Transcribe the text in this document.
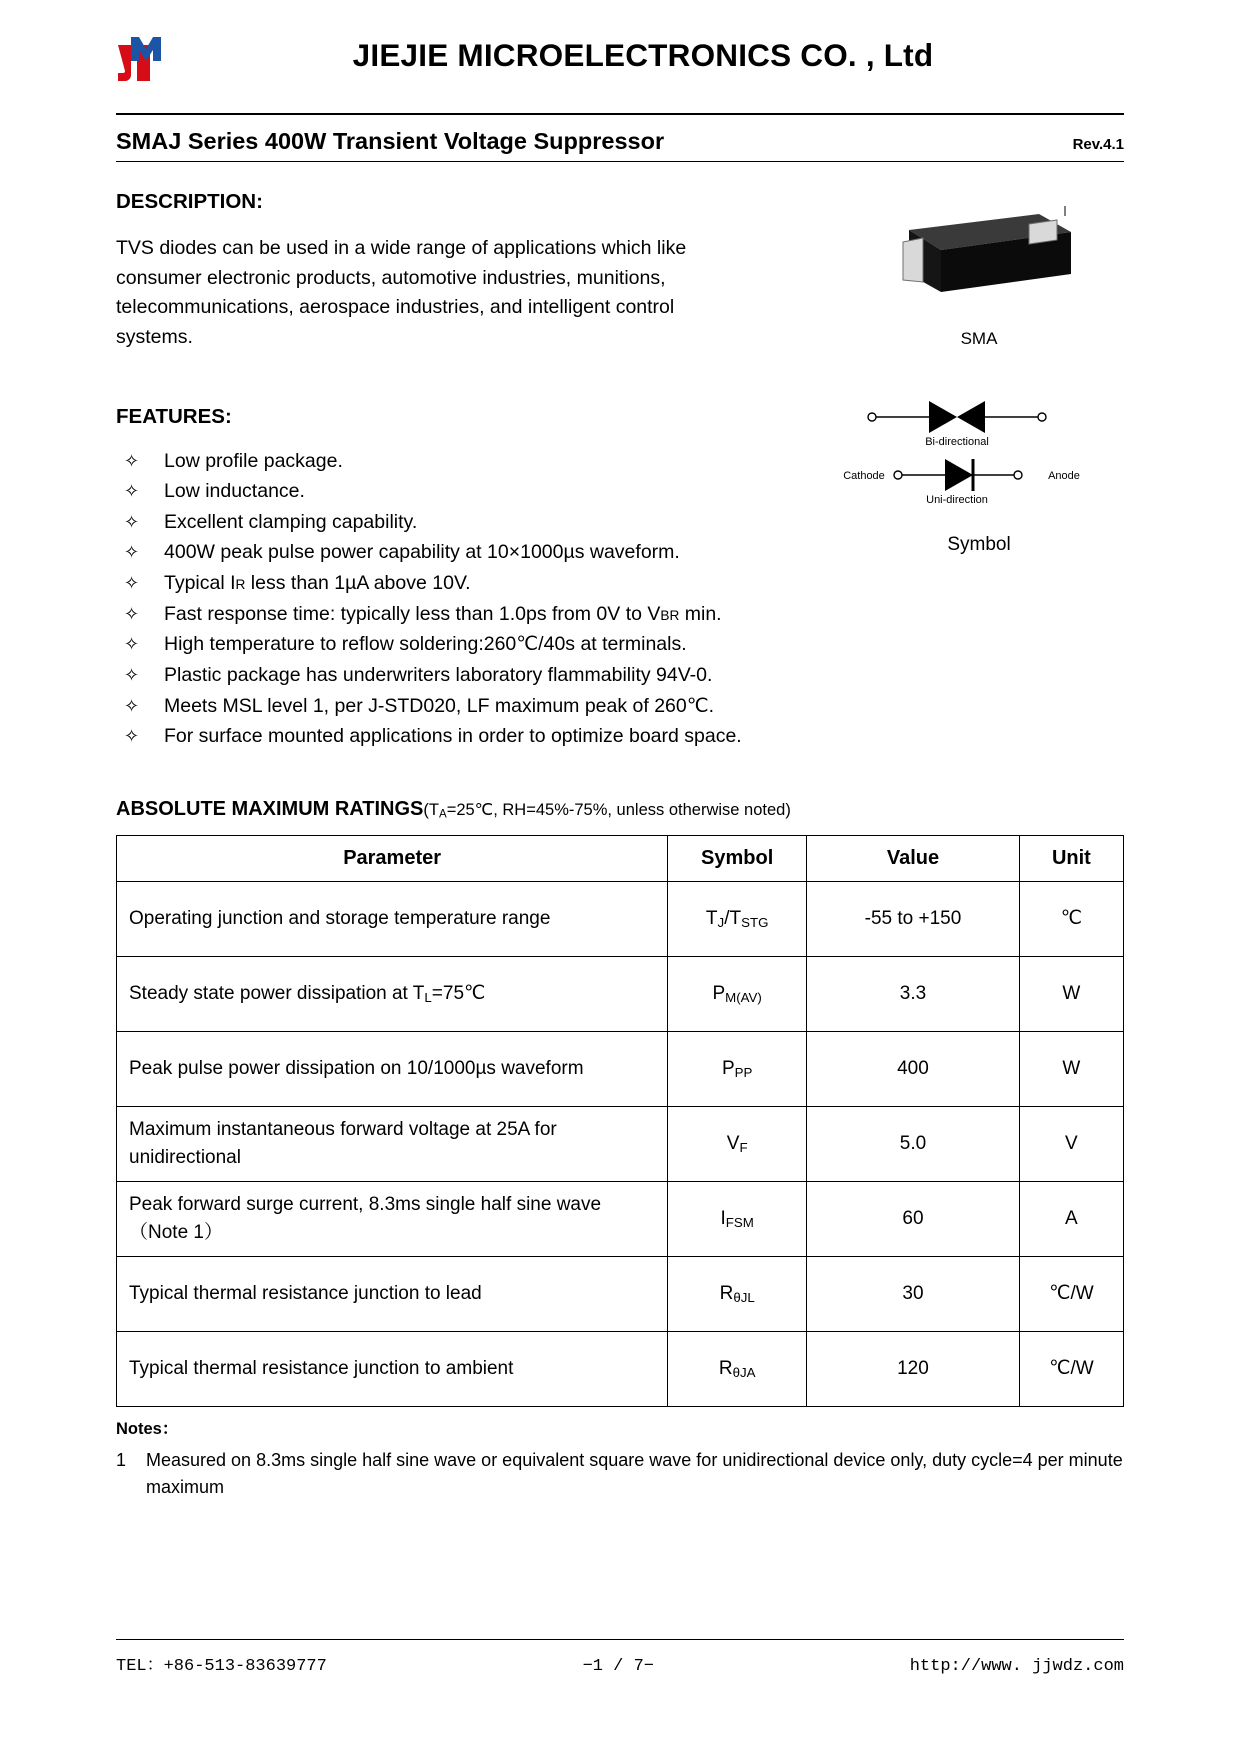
JIEJIE MICROELECTRONICS CO. , Ltd
SMAJ Series 400W Transient Voltage Suppressor	Rev.4.1
DESCRIPTION:
TVS diodes can be used in a wide range of applications which like consumer electronic products, automotive industries, munitions, telecommunications, aerospace industries, and intelligent control systems.	SMA
Bi-directional
Cathode	Anode
Uni-direction
Symbol
FEATURES:
✧	Low profile package.
✧	Low inductance.
✧	Excellent clamping capability.
✧	400W peak pulse power capability at 10×1000µs waveform.
✧	Typical IR less than 1µA above 10V.
✧	Fast response time: typically less than 1.0ps from 0V to VBR min.
✧	High temperature to reflow soldering:260℃/40s at terminals.
✧	Plastic package has underwriters laboratory flammability 94V-0.
✧	Meets MSL level 1, per J-STD020, LF maximum peak of 260℃.
✧	For surface mounted applications in order to optimize board space.
ABSOLUTE MAXIMUM $RATINGS(T_A=25℃$, RH=45%-75%, unless otherwise noted)
Parameter	Symbol	Value	Unit
Operating junction and storage temperature range	$T_J/T_{STG}$	-55 to +150	℃
Steady state power dissipation at $T_L=75℃$	$P_{M(AV)}$	3.3	W
Peak pulse power dissipation on 10/1000µs waveform	$P_{PP}$	400	W
Maximum instantaneous forward voltage at 25A for unidirectional	$V_F$	5.0	V
Peak forward surge current, 8.3ms single half sine wave（Note 1）	$I_{FSM}$	60	A
Typical thermal resistance junction to lead	$R_{\theta JL}$	30	℃/W
Typical thermal resistance junction to ambient	$R_{\theta JA}$	120	℃/W
Notes：
1	Measured on 8.3ms single half sine wave or equivalent square wave for unidirectional device only, duty cycle=4 per minute maximum
TEL：+86-513-83639777	−1 / 7−	http://www. jjwdz.com
